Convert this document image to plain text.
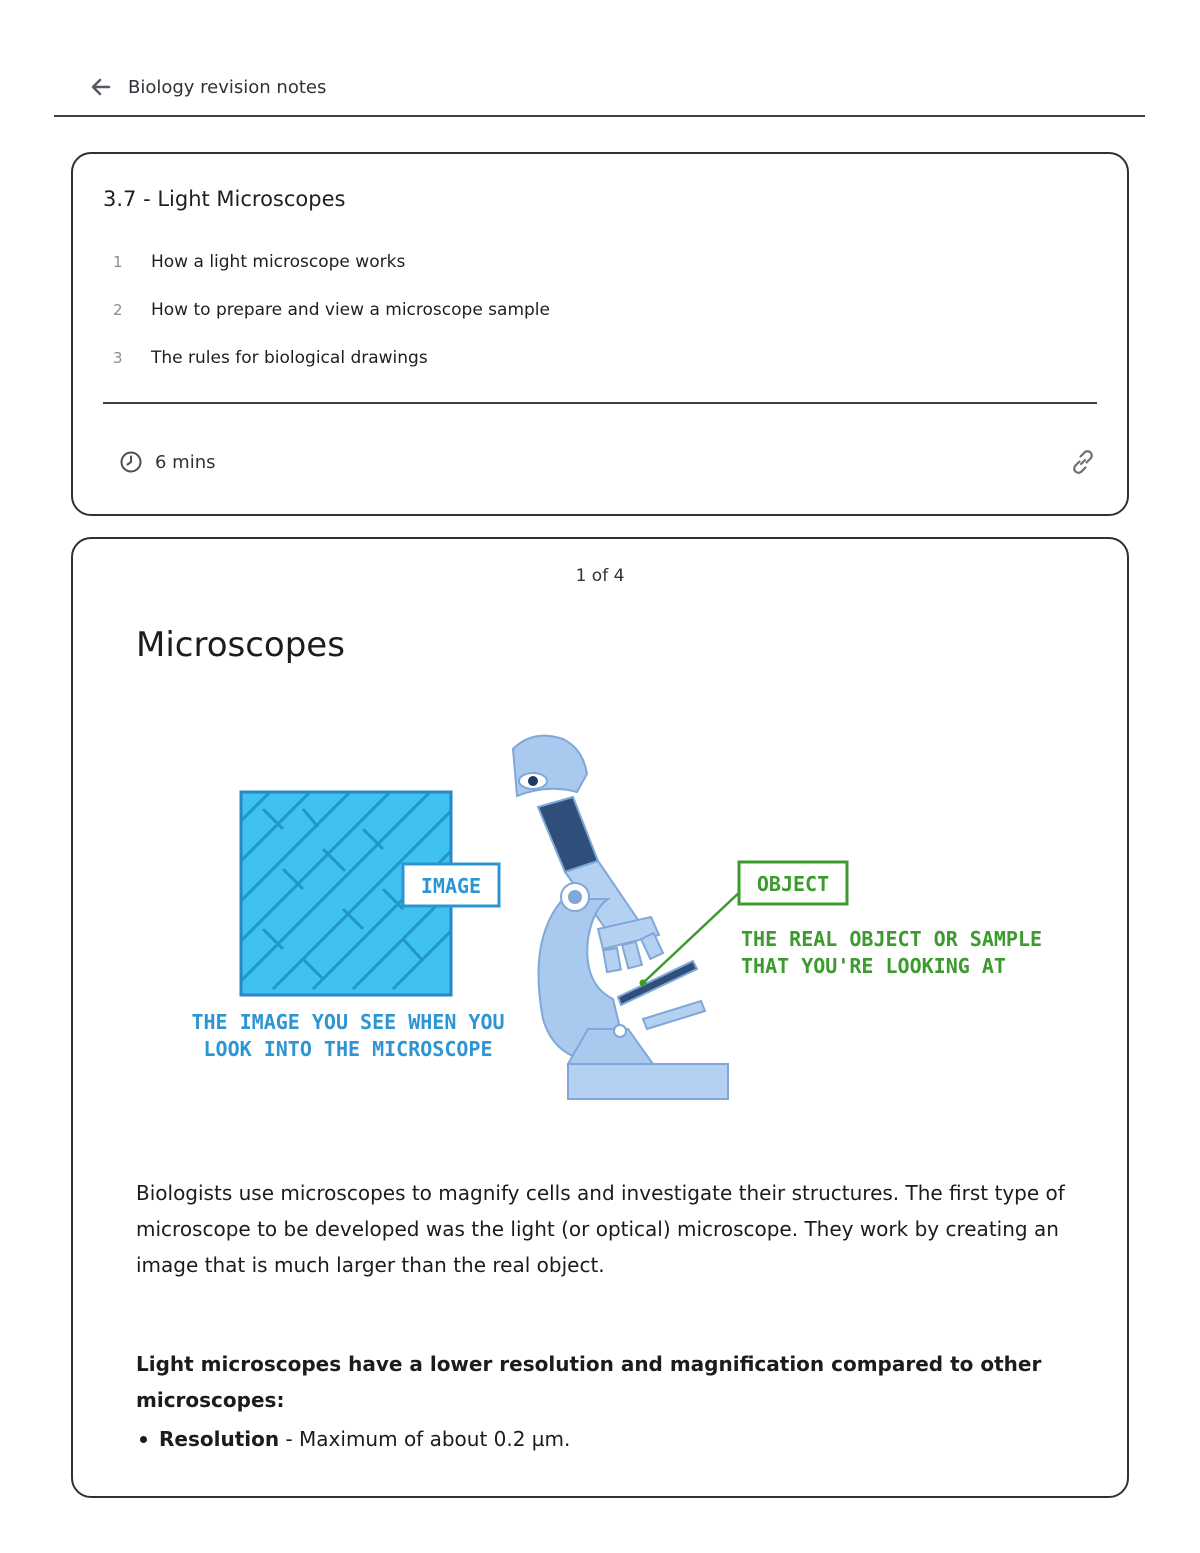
Biology revision notes
3.7 - Light Microscopes
1	How a light microscope works
2	How to prepare and view a microscope sample
3	The rules for biological drawings
6 mins
1 of 4
Microscopes
IMAGE
THE IMAGE YOU SEE WHEN YOU
LOOK INTO THE MICROSCOPE
OBJECT
THE REAL OBJECT OR SAMPLE
THAT YOU'RE LOOKING AT

Biologists use microscopes to magnify cells and investigate their structures. The first type of microscope to be developed was the light (or optical) microscope. They work by creating an image that is much larger than the real object.

Light microscopes have a lower resolution and magnification compared to other microscopes:

Resolution - Maximum of about 0.2 µm.
